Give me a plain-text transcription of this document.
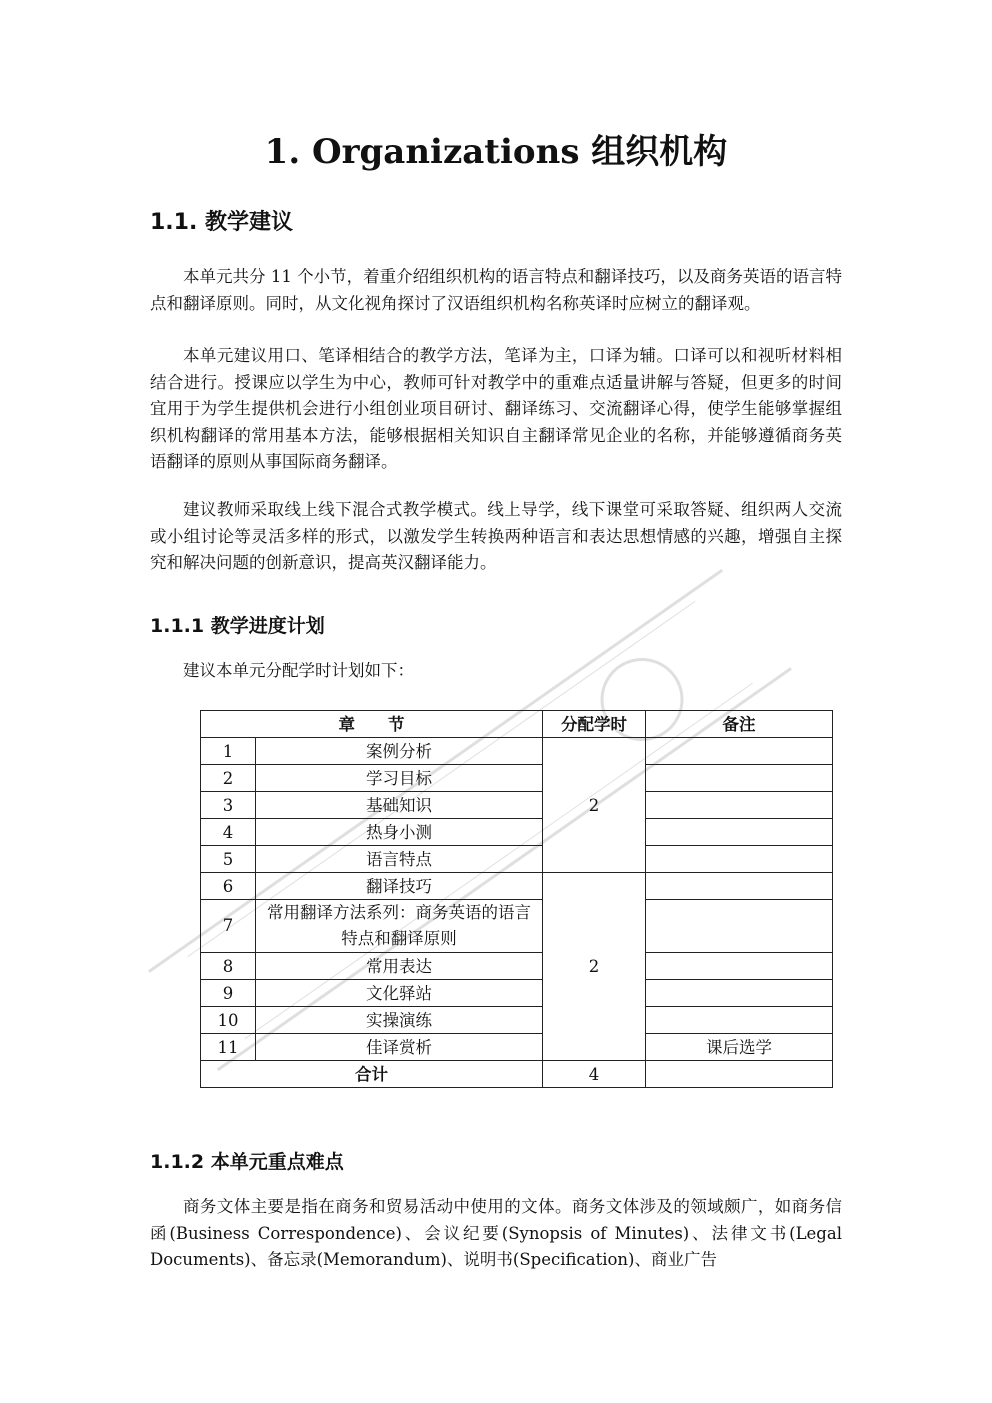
1. Organizations 组织机构
1.1. 教学建议

本单元共分 11 个小节，着重介绍组织机构的语言特点和翻译技巧，以及商务英语的语言特点和翻译原则。同时，从文化视角探讨了汉语组织机构名称英译时应树立的翻译观。

本单元建议用口、笔译相结合的教学方法，笔译为主，口译为辅。口译可以和视听材料相结合进行。授课应以学生为中心，教师可针对教学中的重难点适量讲解与答疑，但更多的时间宜用于为学生提供机会进行小组创业项目研讨、翻译练习、交流翻译心得，使学生能够掌握组织机构翻译的常用基本方法，能够根据相关知识自主翻译常见企业的名称，并能够遵循商务英语翻译的原则从事国际商务翻译。

建议教师采取线上线下混合式教学模式。线上导学，线下课堂可采取答疑、组织两人交流或小组讨论等灵活多样的形式，以激发学生转换两种语言和表达思想情感的兴趣，增强自主探究和解决问题的创新意识，提高英汉翻译能力。

1.1.1 教学进度计划

建议本单元分配学时计划如下：

章　　节		分配学时	备注
1	案例分析	2	
2	学习目标		
3	基础知识		
4	热身小测		
5	语言特点		
6	翻译技巧	2	
7	常用翻译方法系列：商务英语的语言特点和翻译原则		
8	常用表达		
9	文化驿站		
10	实操演练		
11	佳译赏析		课后选学
合计		4	
1.1.2 本单元重点难点

商务文体主要是指在商务和贸易活动中使用的文体。商务文体涉及的领域颇广，如商务信函(Business Correspondence)、会议纪要(Synopsis of Minutes)、法律文书(Legal Documents)、备忘录(Memorandum)、说明书(Specification)、商业广告
